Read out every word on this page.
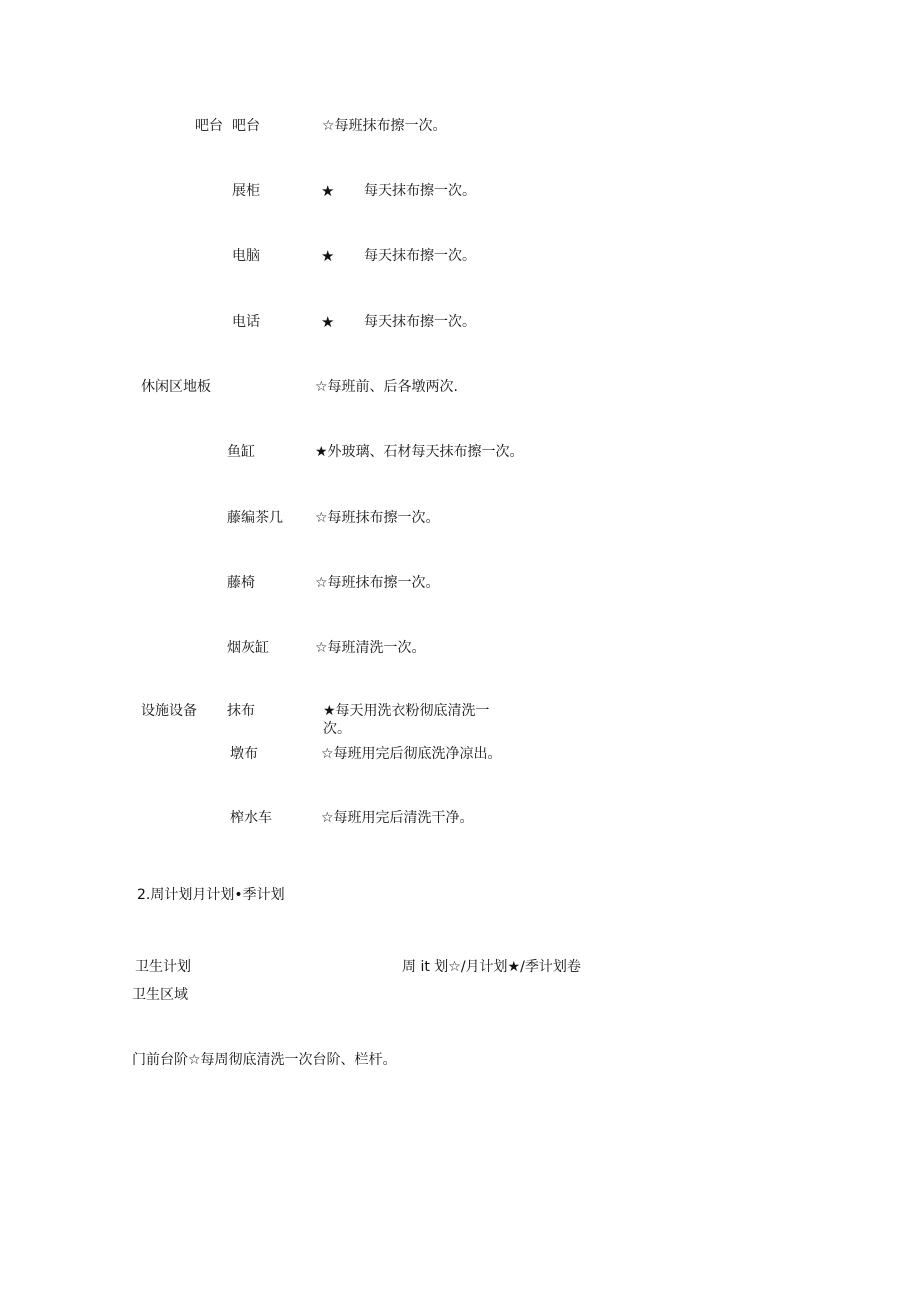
吧台 吧台	☆每班抹布擦一次。
展柜	★ 每天抹布擦一次。
电脑	★ 每天抹布擦一次。
电话	★ 每天抹布擦一次。
休闲区地板	☆每班前、后各墩两次.
鱼缸	★外玻璃、石材每天抹布擦一次。
藤编茶几 ☆每班抹布擦一次。
藤椅	☆每班抹布擦一次。
烟灰缸	☆每班清洗一次。
设施设备 抹布	★每天用洗衣粉彻底清洗一次。
墩布	☆每班用完后彻底洗净凉出。
榨水车	☆每班用完后清洗干净。
2.周计划月计划•季计划
卫生计划	周 it 划☆/月计划★/季计划卷
卫生区域
门前台阶☆每周彻底清洗一次台阶、栏杆。
